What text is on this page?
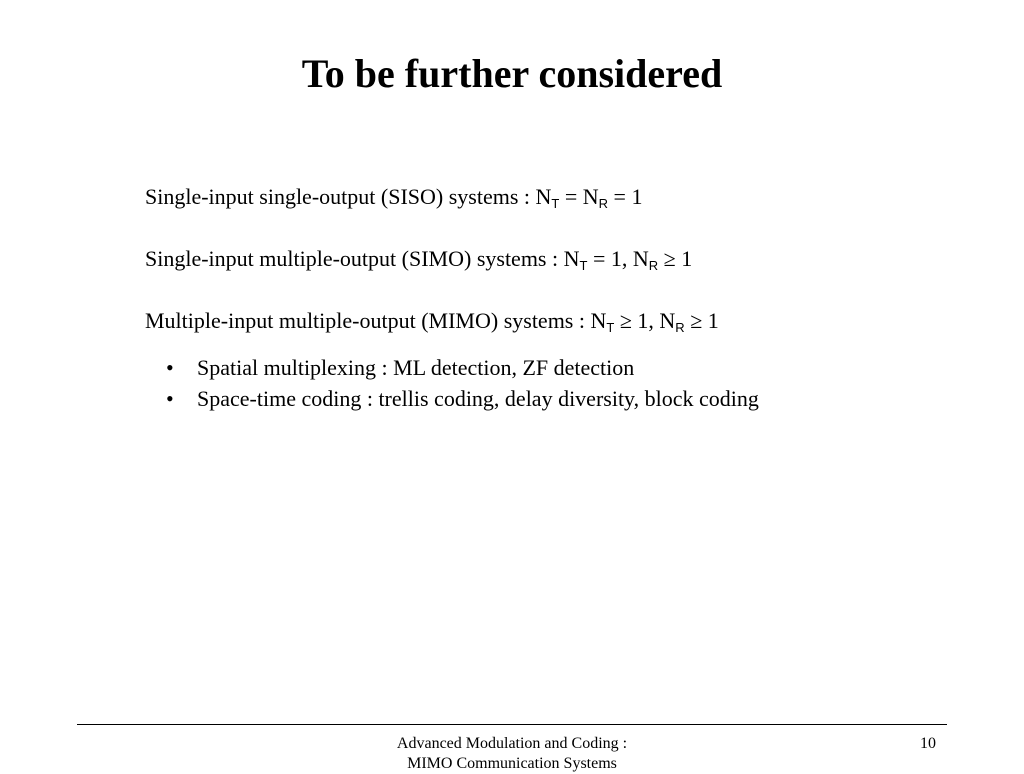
To be further considered
Single-input single-output (SISO) systems : $N_T = N_R = 1$
Single-input multiple-output (SIMO) systems : $N_T = 1$, $N_R \ge 1$
Multiple-input multiple-output (MIMO) systems : $N_T \ge 1$, $N_R \ge 1$
• Spatial multiplexing : ML detection, ZF detection
• Space-time coding : trellis coding, delay diversity, block coding
Advanced Modulation and Coding :
MIMO Communication Systems
10
